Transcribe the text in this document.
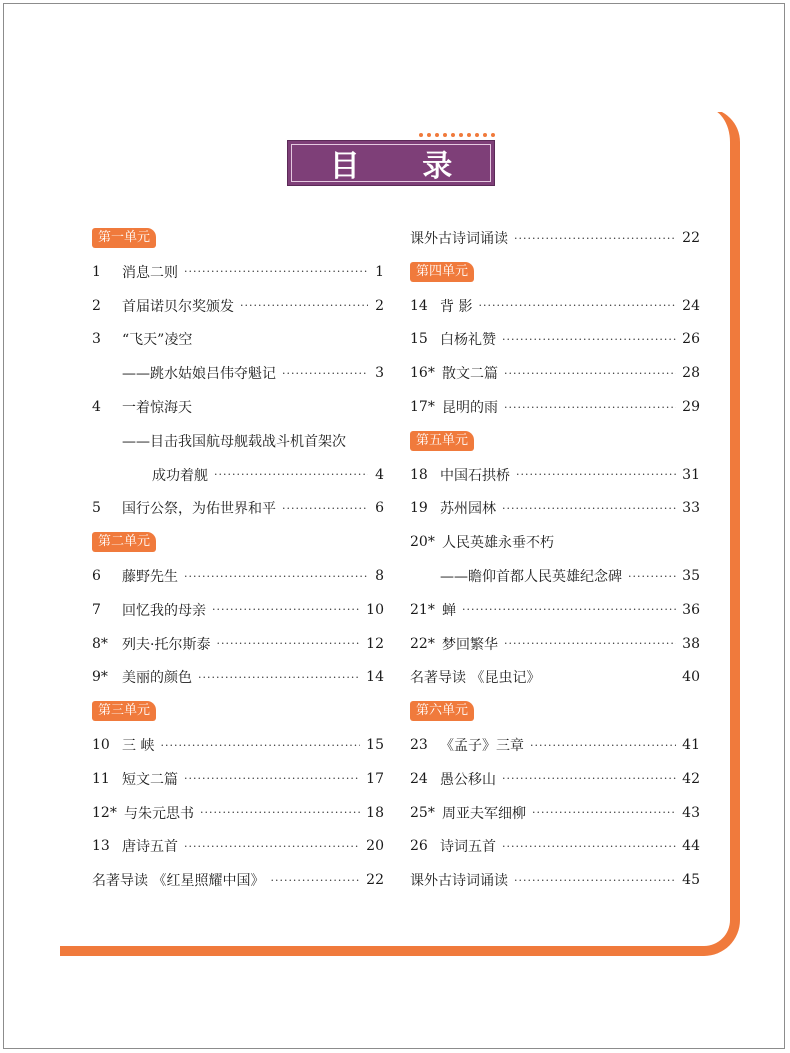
目 录
第一单元
1	消息二则 ·····	1
2	首届诺贝尔奖颁发 ·····	2
3	“飞天”凌空
——跳水姑娘吕伟夺魁记 ·····	3
4	一着惊海天
——目击我国航母舰载战斗机首架次
成功着舰 ·····	4
5	国行公祭，为佑世界和平 ·····	6
第二单元
6	藤野先生 ·····	8
7	回忆我的母亲 ·····	10
8*	列夫·托尔斯泰 ·····	12
9*	美丽的颜色 ·····	14
第三单元
10 三 峡 ·····	15
11 短文二篇 ·····	17
12* 与朱元思书 ·····	18
13 唐诗五首 ·····	20
名著导读 《红星照耀中国》 ·····	22
课外古诗词诵读 ·····	22
第四单元
14 背 影 ·····	24
15 白杨礼赞 ·····	26
16* 散文二篇 ·····	28
17* 昆明的雨 ·····	29
第五单元
18 中国石拱桥 ·····	31
19 苏州园林 ·····	33
20* 人民英雄永垂不朽
——瞻仰首都人民英雄纪念碑 ·····	35
21* 蝉 ·····	36
22* 梦回繁华 ·····	38
名著导读 《昆虫记》	40
第六单元
23 《孟子》三章 ·····	41
24 愚公移山 ·····	42
25* 周亚夫军细柳 ·····	43
26 诗词五首 ·····	44
课外古诗词诵读 ·····	45
